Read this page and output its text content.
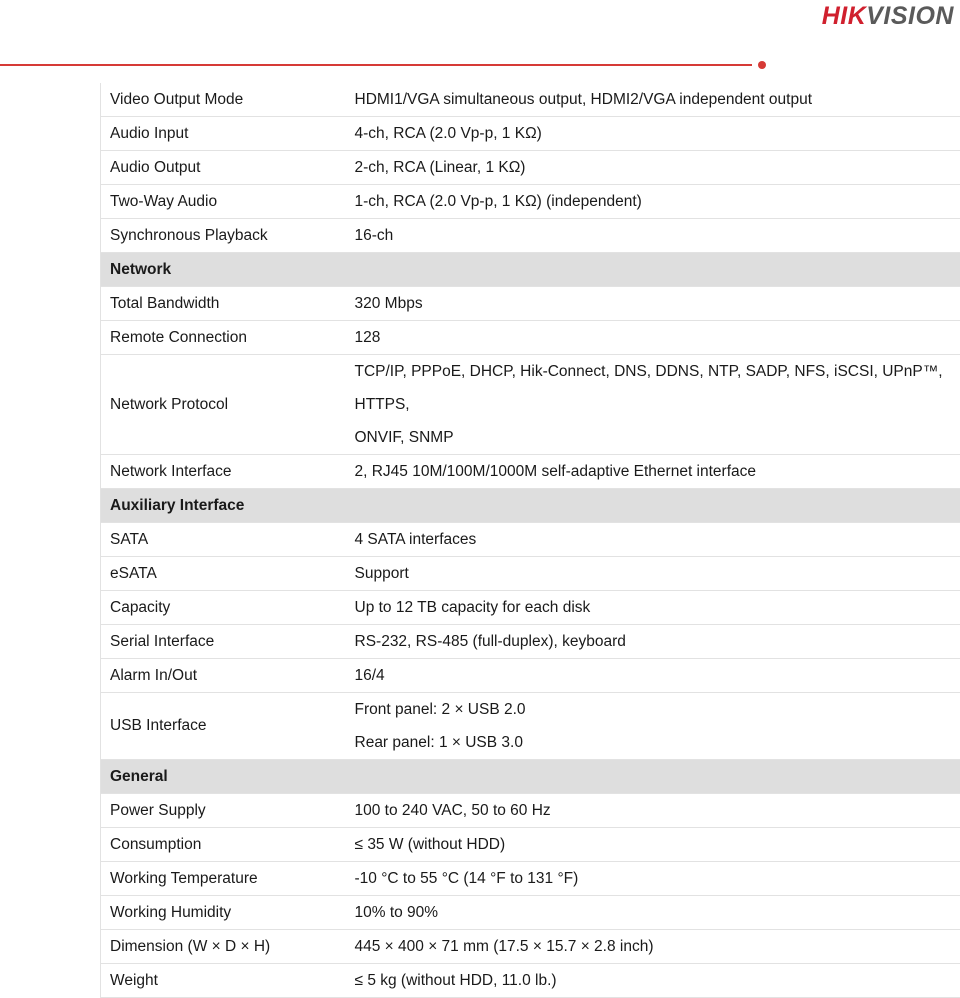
HIKVISION
Video Output Mode	HDMI1/VGA simultaneous output, HDMI2/VGA independent output
Audio Input	4-ch, RCA (2.0 Vp-p, 1 KΩ)
Audio Output	2-ch, RCA (Linear, 1 KΩ)
Two-Way Audio	1-ch, RCA (2.0 Vp-p, 1 KΩ) (independent)
Synchronous Playback	16-ch
Network	
Total Bandwidth	320 Mbps
Remote Connection	128
Network Protocol	TCP/IP, PPPoE, DHCP, Hik-Connect, DNS, DDNS, NTP, SADP, NFS, iSCSI, UPnP™, HTTPS,
ONVIF, SNMP

Network Interface	2, RJ45 10M/100M/1000M self-adaptive Ethernet interface
Auxiliary Interface	
SATA	4 SATA interfaces
eSATA	Support
Capacity	Up to 12 TB capacity for each disk
Serial Interface	RS-232, RS-485 (full-duplex), keyboard
Alarm In/Out	16/4
USB Interface	Front panel: 2 × USB 2.0
Rear panel: 1 × USB 3.0

General	
Power Supply	100 to 240 VAC, 50 to 60 Hz
Consumption	≤ 35 W (without HDD)
Working Temperature	-10 °C to 55 °C (14 °F to 131 °F)
Working Humidity	10% to 90%
Dimension (W × D × H)	445 × 400 × 71 mm (17.5 × 15.7 × 2.8 inch)
Weight	≤ 5 kg (without HDD, 11.0 lb.)
